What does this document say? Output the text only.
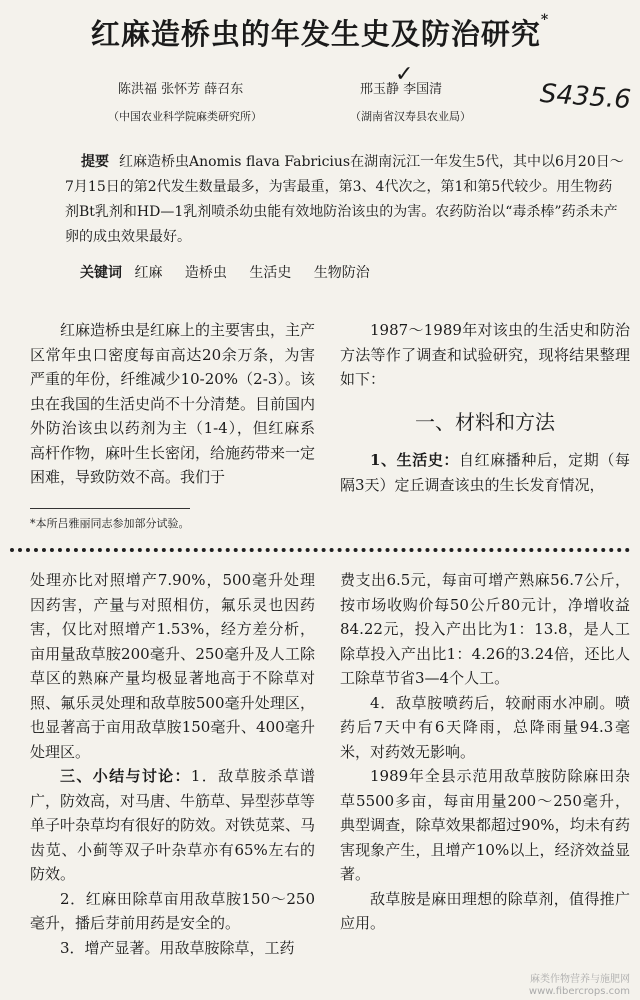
红麻造桥虫的年发生史及防治研究*
陈洪福 张怀芳 薛召东
（中国农业科学院麻类研究所）
邢玉静 李国清
（湖南省汉寿县农业局）
✓
S435.6
提要 红麻造桥虫Anomis flava Fabricius在湖南沅江一年发生5代，其中以6月20日～7月15日的第2代发生数量最多，为害最重，第3、4代次之，第1和第5代较少。用生物药剂Bt乳剂和HD—1乳剂喷杀幼虫能有效地防治该虫的为害。农药防治以“毒杀棒”药杀未产卵的成虫效果最好。
关键词 红麻 造桥虫 生活史 生物防治

红麻造桥虫是红麻上的主要害虫，主产区常年虫口密度每亩高达20余万条，为害严重的年份，纤维减少10-20%（2-3）。该虫在我国的生活史尚不十分清楚。目前国内外防治该虫以药剂为主（1-4），但红麻系高杆作物，麻叶生长密闭，给施药带来一定困难，导致防效不高。我们于

1987～1989年对该虫的生活史和防治方法等作了调查和试验研究，现将结果整理如下：

一、材料和方法

1、生活史：自红麻播种后，定期（每隔3天）定丘调查该虫的生长发育情况，

*本所吕雅丽同志参加部分试验。

处理亦比对照增产7.90%，500毫升处理因药害，产量与对照相仿，氟乐灵也因药害，仅比对照增产1.53%，经方差分析，亩用量敌草胺200毫升、250毫升及人工除草区的熟麻产量均极显著地高于不除草对照、氟乐灵处理和敌草胺500毫升处理区，也显著高于亩用敌草胺150毫升、400毫升处理区。

三、小结与讨论：1．敌草胺杀草谱广，防效高，对马唐、牛筋草、异型莎草等单子叶杂草均有很好的防效。对铁苋菜、马齿苋、小蓟等双子叶杂草亦有65%左右的防效。

2．红麻田除草亩用敌草胺150～250毫升，播后芽前用药是安全的。

3．增产显著。用敌草胺除草，工药

费支出6.5元，每亩可增产熟麻56.7公斤，按市场收购价每50公斤80元计，净增收益84.22元，投入产出比为1：13.8，是人工除草投入产出比1：4.26的3.24倍，还比人工除草节省3—4个人工。

4．敌草胺喷药后，较耐雨水冲刷。喷药后7天中有6天降雨，总降雨量94.3毫米，对药效无影响。

1989年全县示范用敌草胺防除麻田杂草5500多亩，每亩用量200～250毫升，典型调查，除草效果都超过90%，均未有药害现象产生，且增产10%以上，经济效益显著。

敌草胺是麻田理想的除草剂，值得推广应用。

麻类作物营养与施肥网
www.fibercrops.com
